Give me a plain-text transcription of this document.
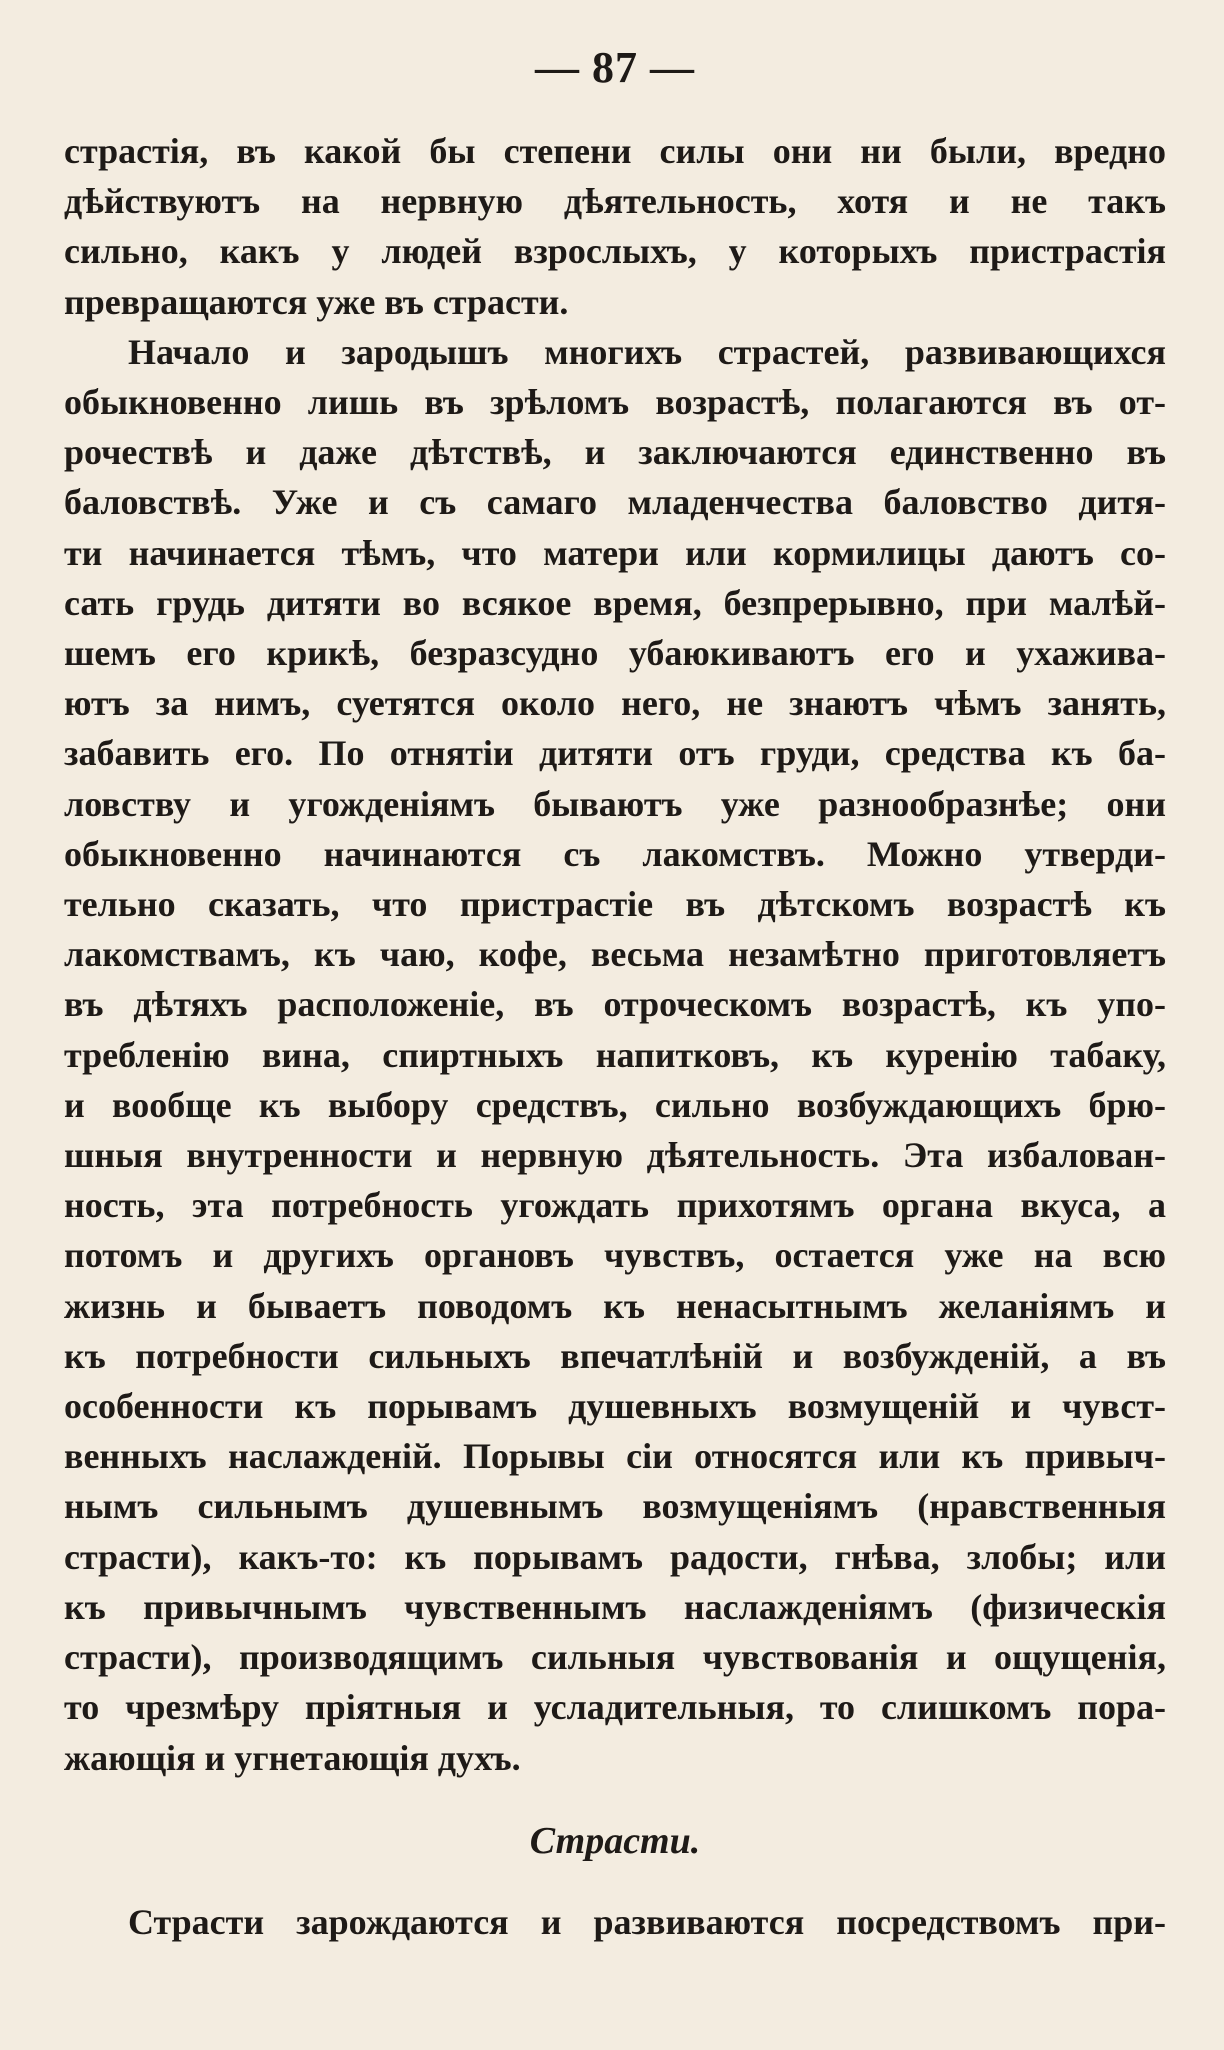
— 87 —
страстія, въ какой бы степени силы они ни были, вредно
дѣйствуютъ на нервную дѣятельность, хотя и не такъ
сильно, какъ у людей взрослыхъ, у которыхъ пристрастія
превращаются уже въ страсти.
Начало и зародышъ многихъ страстей, развивающихся
обыкновенно лишь въ зрѣломъ возрастѣ, полагаются въ от-
рочествѣ и даже дѣтствѣ, и заключаются единственно въ
баловствѣ. Уже и съ самаго младенчества баловство дитя-
ти начинается тѣмъ, что матери или кормилицы даютъ со-
сать грудь дитяти во всякое время, безпрерывно, при малѣй-
шемъ его крикѣ, безразсудно убаюкиваютъ его и ухаживa-
ютъ за нимъ, суетятся около него, не знаютъ чѣмъ занять,
забавить его. По отнятіи дитяти отъ груди, средства къ ба-
ловству и угожденіямъ бываютъ уже разнообразнѣе; они
обыкновенно начинаются съ лакомствъ. Можно утверди-
тельно сказать, что пристрастіе въ дѣтскомъ возрастѣ къ
лакомствамъ, къ чаю, кофе, весьма незамѣтно приготовляетъ
въ дѣтяхъ расположеніе, въ отроческомъ возрастѣ, къ упо-
требленію вина, спиртныхъ напитковъ, къ куренію табаку,
и вообще къ выбору средствъ, сильно возбуждающихъ брю-
шныя внутренности и нервную дѣятельность. Эта избалован-
ность, эта потребность угождать прихотямъ органа вкуса, а
потомъ и другихъ органовъ чувствъ, остается уже на всю
жизнь и бываетъ поводомъ къ ненасытнымъ желаніямъ и
къ потребности сильныхъ впечатлѣній и возбужденій, а въ
особенности къ порывамъ душевныхъ возмущеній и чувст-
венныхъ наслажденій. Порывы сіи относятся или къ привыч-
нымъ сильнымъ душевнымъ возмущеніямъ (нравственныя
страсти), какъ-то: къ порывамъ радости, гнѣва, злобы; или
къ привычнымъ чувственнымъ наслажденіямъ (физическія
страсти), производящимъ сильныя чувствованія и ощущенія,
то чрезмѣру пріятныя и усладительныя, то слишкомъ пора-
жающія и угнетающія духъ.
Страсти.
Страсти зарождаются и развиваются посредствомъ при-
